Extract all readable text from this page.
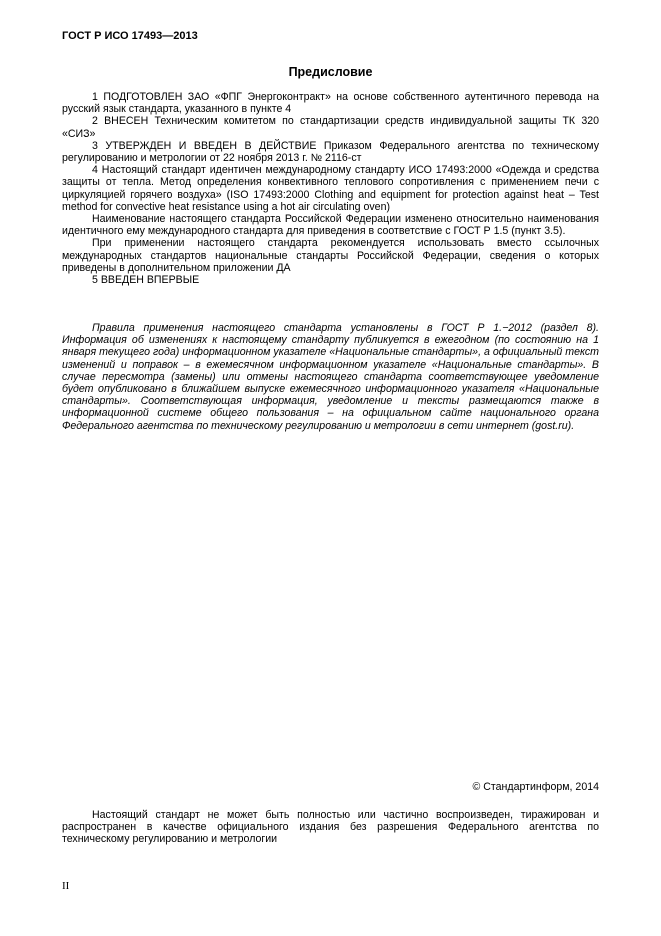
ГОСТ Р ИСО 17493—2013
Предисловие

1 ПОДГОТОВЛЕН ЗАО «ФПГ Энергоконтракт» на основе собственного аутентичного перевода на русский язык стандарта, указанного в пункте 4

2 ВНЕСЕН Техническим комитетом по стандартизации средств индивидуальной защиты ТК 320 «СИЗ»

3 УТВЕРЖДЕН И ВВЕДЕН В ДЕЙСТВИЕ Приказом Федерального агентства по техническому регулированию и метрологии от 22 ноября 2013 г. № 2116-ст

4 Настоящий стандарт идентичен международному стандарту ИСО 17493:2000 «Одежда и средства защиты от тепла. Метод определения конвективного теплового сопротивления с применением печи с циркуляцией горячего воздуха» (ISO 17493:2000 Clothing and equipment for protection against heat – Test method for convective heat resistance using a hot air circulating oven)

Наименование настоящего стандарта Российской Федерации изменено относительно наименования идентичного ему международного стандарта для приведения в соответствие с ГОСТ Р 1.5 (пункт 3.5).

При применении настоящего стандарта рекомендуется использовать вместо ссылочных международных стандартов национальные стандарты Российской Федерации, сведения о которых приведены в дополнительном приложении ДА

5 ВВЕДЕН ВПЕРВЫЕ

Правила применения настоящего стандарта установлены в ГОСТ Р 1.−2012 (раздел 8). Информация об изменениях к настоящему стандарту публикуется в ежегодном (по состоянию на 1 января текущего года) информационном указателе «Национальные стандарты», а официальный текст изменений и поправок – в ежемесячном информационном указателе «Национальные стандарты». В случае пересмотра (замены) или отмены настоящего стандарта соответствующее уведомление будет опубликовано в ближайшем выпуске ежемесячного информационного указателя «Национальные стандарты». Соответствующая информация, уведомление и тексты размещаются также в информационной системе общего пользования – на официальном сайте национального органа Федерального агентства по техническому регулированию и метрологии в сети интернет (gost.ru).

© Стандартинформ, 2014

Настоящий стандарт не может быть полностью или частично воспроизведен, тиражирован и распространен в качестве официального издания без разрешения Федерального агентства по техническому регулированию и метрологии

II
